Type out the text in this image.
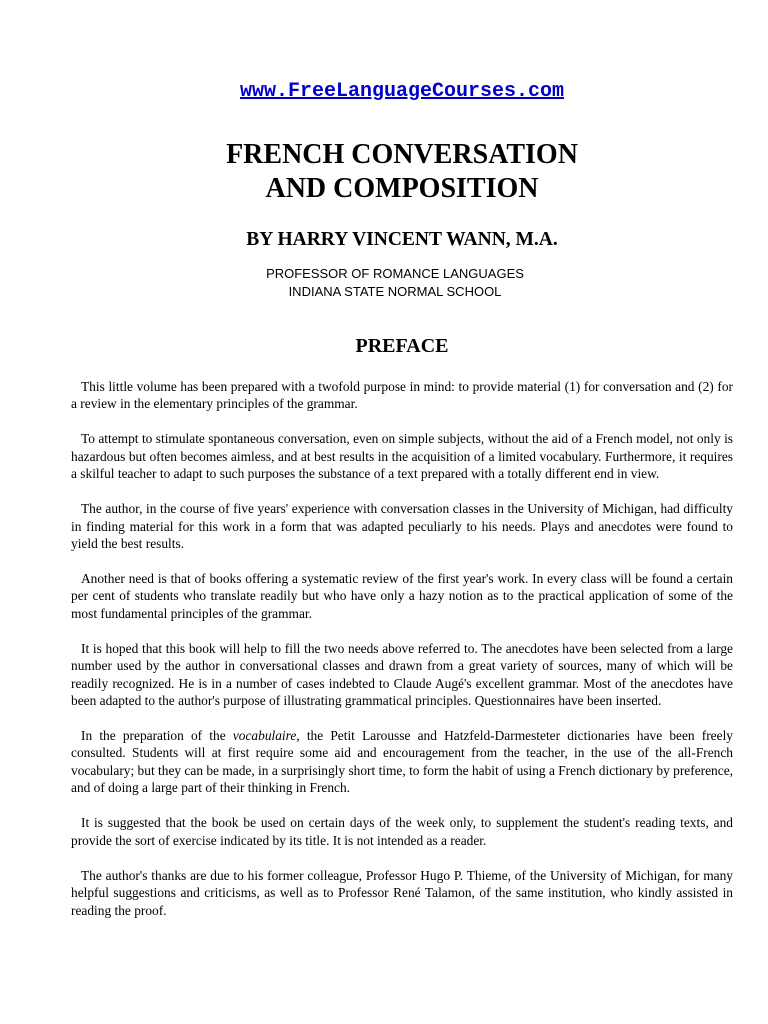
www.FreeLanguageCourses.com
FRENCH CONVERSATION
AND COMPOSITION
BY HARRY VINCENT WANN, M.A.
PROFESSOR OF ROMANCE LANGUAGES
INDIANA STATE NORMAL SCHOOL
PREFACE

This little volume has been prepared with a twofold purpose in mind: to provide material (1) for conversation and (2) for a review in the elementary principles of the grammar.

To attempt to stimulate spontaneous conversation, even on simple subjects, without the aid of a French model, not only is hazardous but often becomes aimless, and at best results in the acquisition of a limited vocabulary. Furthermore, it requires a skilful teacher to adapt to such purposes the substance of a text prepared with a totally different end in view.

The author, in the course of five years' experience with conversation classes in the University of Michigan, had difficulty in finding material for this work in a form that was adapted peculiarly to his needs. Plays and anecdotes were found to yield the best results.

Another need is that of books offering a systematic review of the first year's work. In every class will be found a certain per cent of students who translate readily but who have only a hazy notion as to the practical application of some of the most fundamental principles of the grammar.

It is hoped that this book will help to fill the two needs above referred to. The anecdotes have been selected from a large number used by the author in conversational classes and drawn from a great variety of sources, many of which will be readily recognized. He is in a number of cases indebted to Claude Augé's excellent grammar. Most of the anecdotes have been adapted to the author's purpose of illustrating grammatical principles. Questionnaires have been inserted.

In the preparation of the vocabulaire, the Petit Larousse and Hatzfeld-Darmesteter dictionaries have been freely consulted. Students will at first require some aid and encouragement from the teacher, in the use of the all-French vocabulary; but they can be made, in a surprisingly short time, to form the habit of using a French dictionary by preference, and of doing a large part of their thinking in French.

It is suggested that the book be used on certain days of the week only, to supplement the student's reading texts, and provide the sort of exercise indicated by its title. It is not intended as a reader.

The author's thanks are due to his former colleague, Professor Hugo P. Thieme, of the University of Michigan, for many helpful suggestions and criticisms, as well as to Professor René Talamon, of the same institution, who kindly assisted in reading the proof.
